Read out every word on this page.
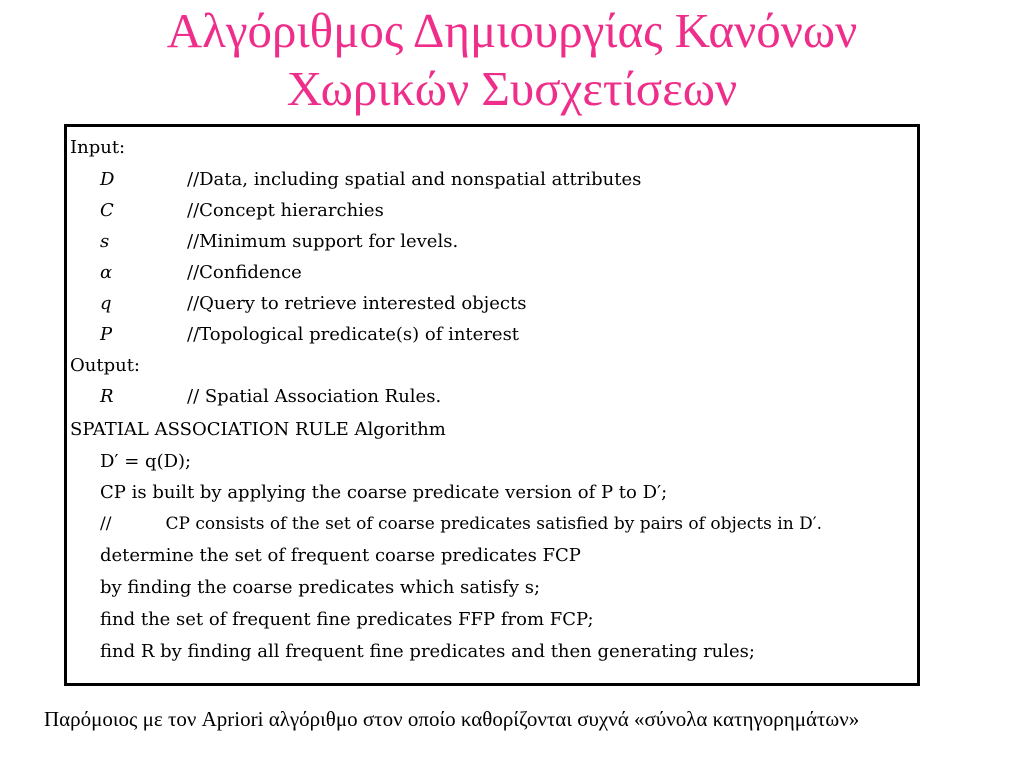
Αλγόριθμος Δημιουργίας Κανόνων
Χωρικών Συσχετίσεων
Input:
D	//Data, including spatial and nonspatial attributes
C	//Concept hierarchies
s	//Minimum support for levels.
α	//Confidence
q	//Query to retrieve interested objects
P	//Topological predicate(s) of interest
Output:
R	// Spatial Association Rules.
SPATIAL ASSOCIATION RULE Algorithm
D′ = q(D);
CP is built by applying the coarse predicate version of P to D′;
//          CP consists of the set of coarse predicates satisfied by pairs of objects in D′.
determine the set of frequent coarse predicates FCP
by finding the coarse predicates which satisfy s;
find the set of frequent fine predicates FFP from FCP;
find R by finding all frequent fine predicates and then generating rules;
Παρόμοιος με τον Apriori αλγόριθμο στον οποίο καθορίζονται συχνά «σύνολα κατηγορημάτων»
